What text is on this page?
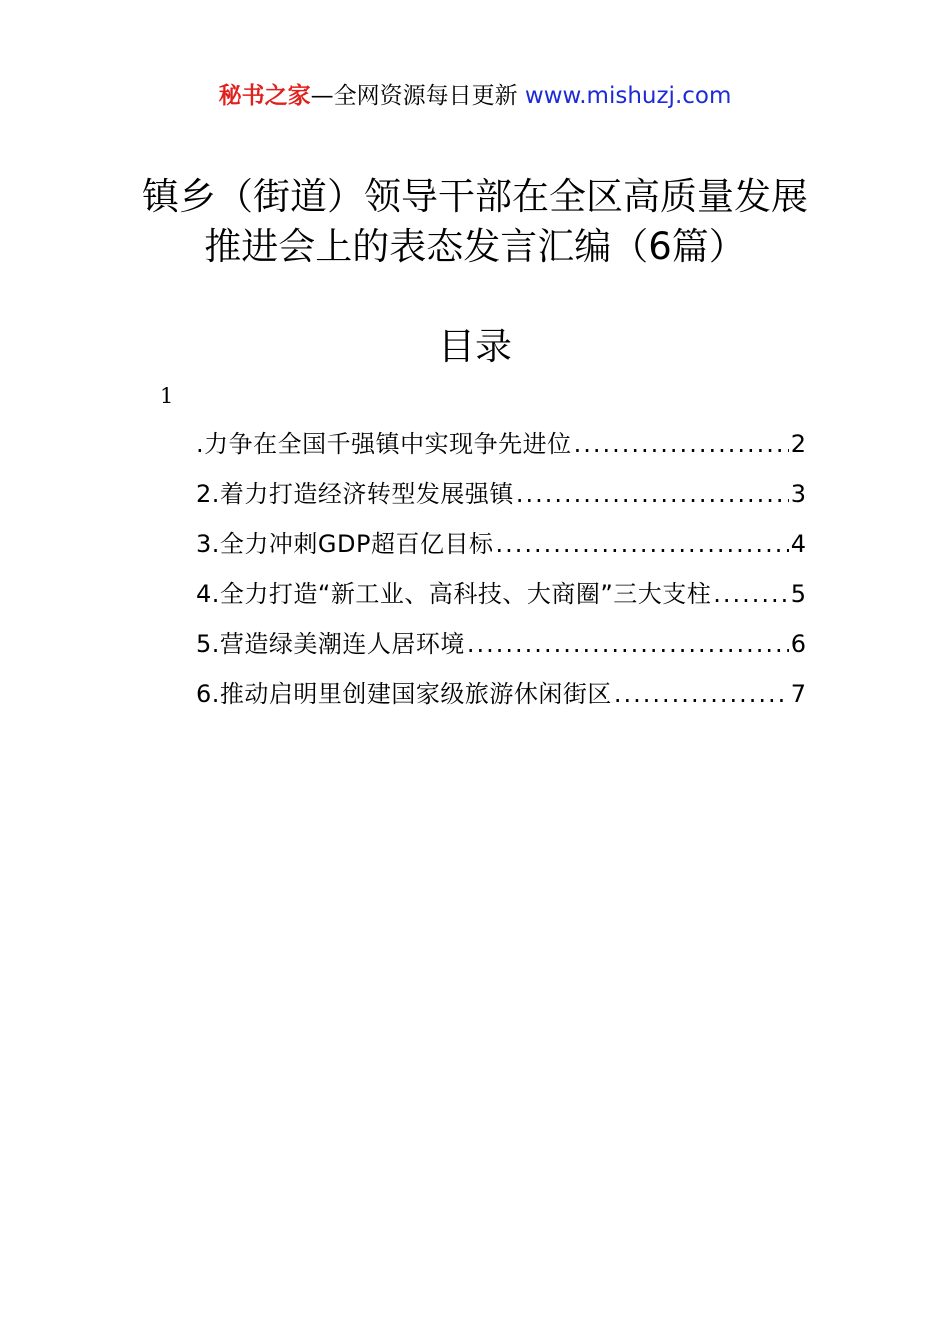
秘书之家—全网资源每日更新 www.mishuzj.com
镇乡（街道）领导干部在全区高质量发展
推进会上的表态发言汇编（6篇）
目录
1
.力争在全国千强镇中实现争先进位 .....	2
2.着力打造经济转型发展强镇 .....	3
3.全力冲刺GDP超百亿目标 .....	4
4.全力打造“新工业、高科技、大商圈”三大支柱 .....	5
5.营造绿美潮连人居环境 .....	6
6.推动启明里创建国家级旅游休闲街区 .....	7
